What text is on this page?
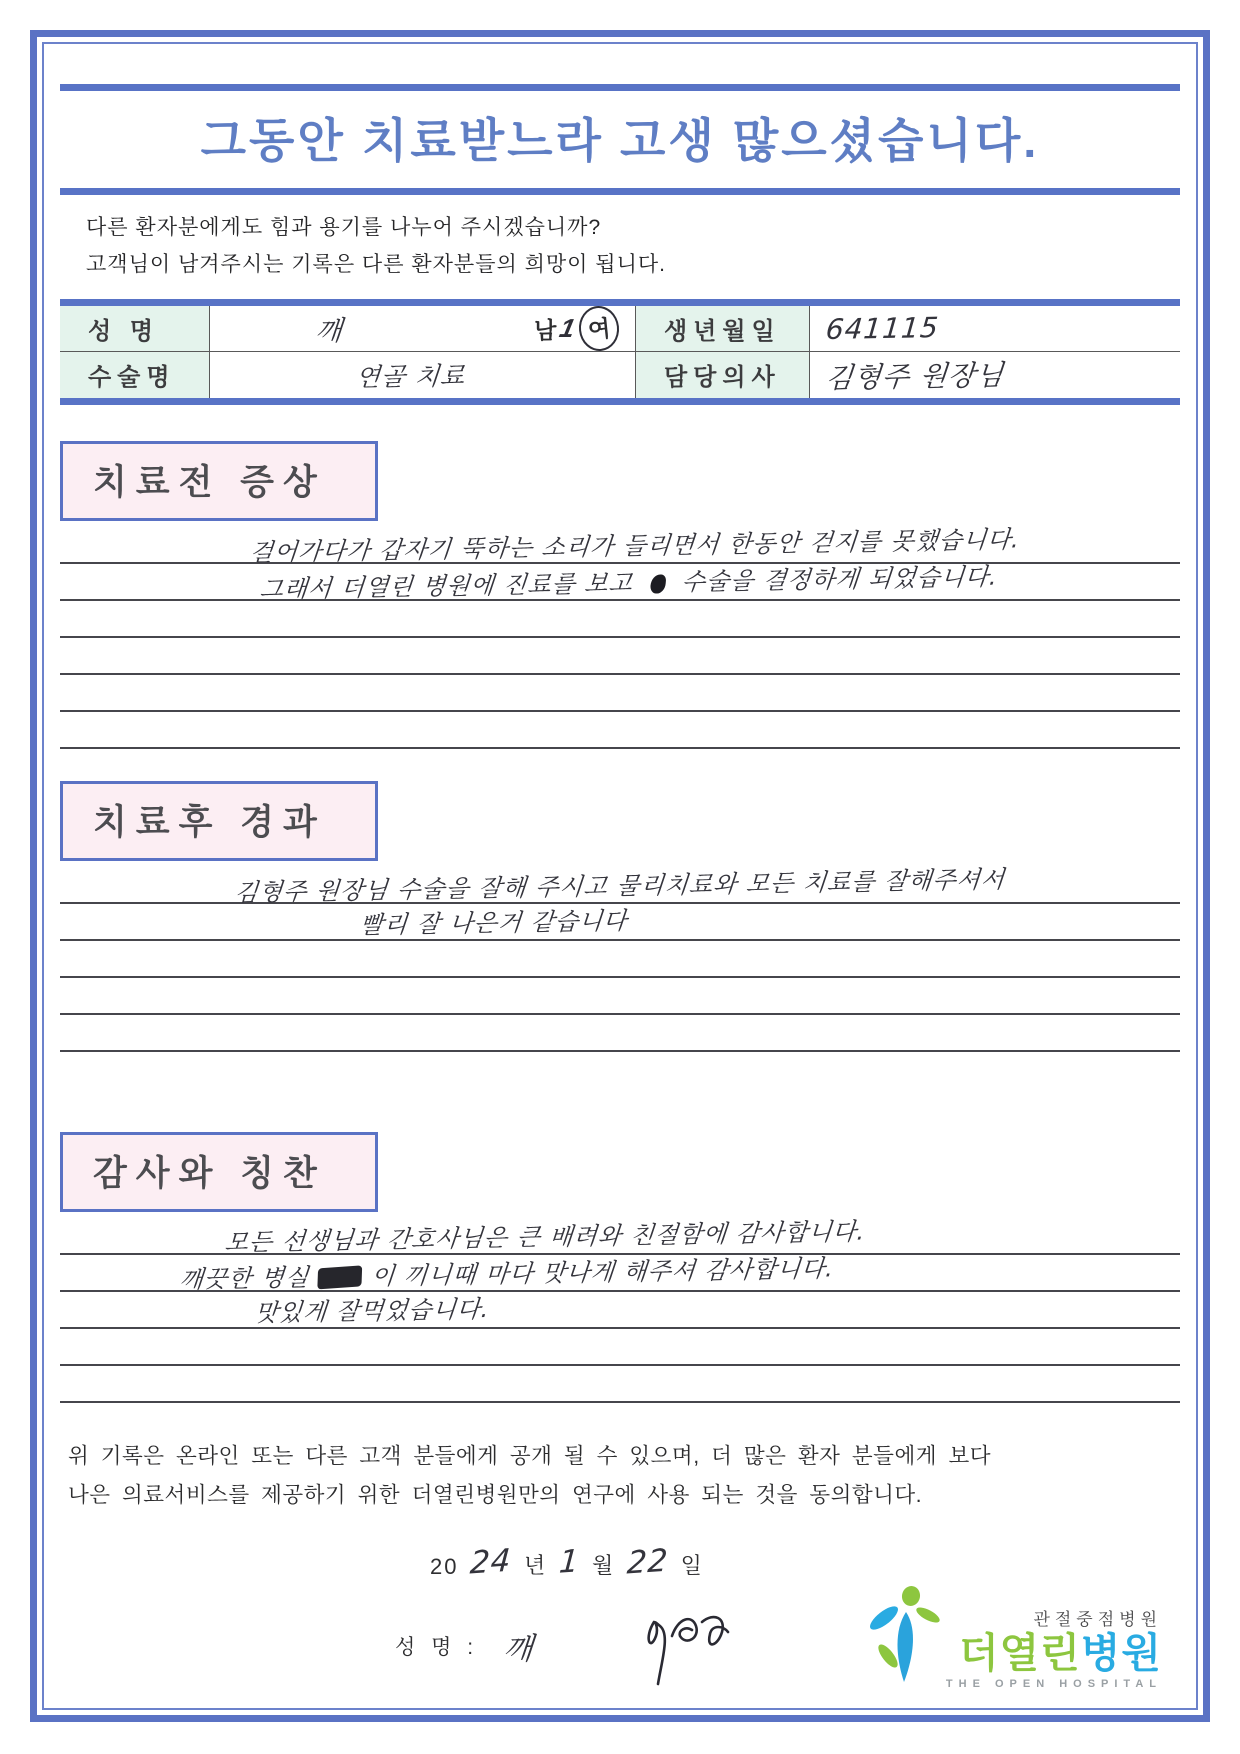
그동안 치료받느라 고생 많으셨습니다.

다른 환자분에게도 힘과 용기를 나누어 주시겠습니까?

고객님이 남겨주시는 기록은 다른 환자분들의 희망이 됩니다.

성 명	깨	남 1 여	생년월일	641115
수술명	연골 치료	담당의사	김형주 원장님
치료전 증상
걸어가다가 갑자기 뚝하는 소리가 들리면서 한동안 걷지를 못했습니다.
그래서 더열린 병원에 진료를 보고 수술을 결정하게 되었습니다.
치료후 경과
김형주 원장님 수술을 잘해 주시고 물리치료와 모든 치료를 잘해주셔서
빨리 잘 나은거 같습니다
감사와 칭찬
모든 선생님과 간호사님은 큰 배려와 친절함에 감사합니다.
깨끗한 병실 이 끼니때 마다 맛나게 해주셔 감사합니다.
맛있게 잘먹었습니다.

위 기록은 온라인 또는 다른 고객 분들에게 공개 될 수 있으며, 더 많은 환자 분들에게 보다

나은 의료서비스를 제공하기 위한 더열린병원만의 연구에 사용 되는 것을 동의합니다.

20 24 년 1 월 22 일
성 명 : 깨
관절중점병원
더열린병원
THE OPEN HOSPITAL
